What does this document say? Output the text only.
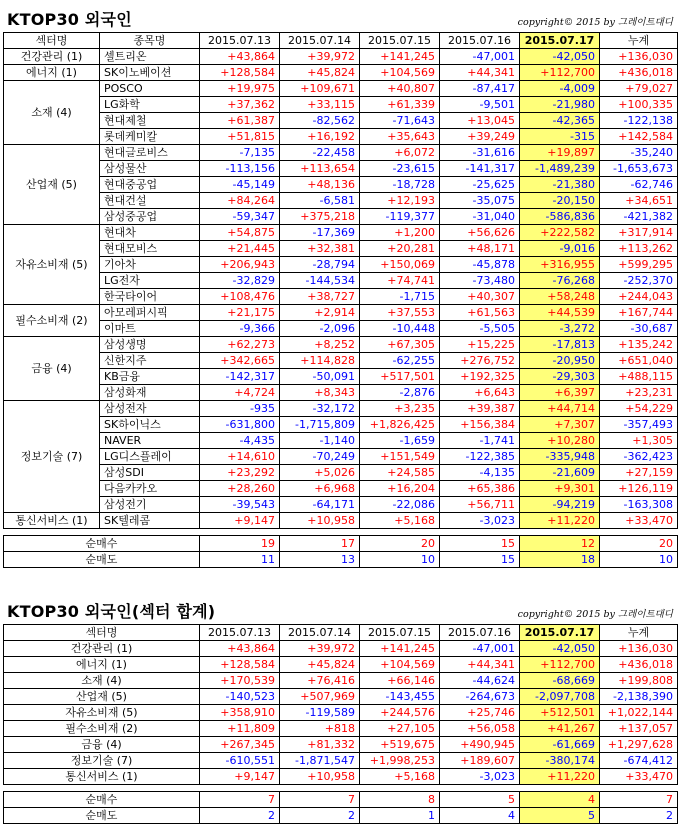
KTOP30 외국인	copyright© 2015 by 그레이트대디
섹터명	종목명	2015.07.13	2015.07.14	2015.07.15	2015.07.16	2015.07.17	누계
건강관리 (1)	셀트리온	+43,864	+39,972	+141,245	-47,001	-42,050	+136,030
에너지 (1)	SK이노베이션	+128,584	+45,824	+104,569	+44,341	+112,700	+436,018
소재 (4)	POSCO	+19,975	+109,671	+40,807	-87,417	-4,009	+79,027
	LG화학	+37,362	+33,115	+61,339	-9,501	-21,980	+100,335
	현대제철	+61,387	-82,562	-71,643	+13,045	-42,365	-122,138
	롯데케미칼	+51,815	+16,192	+35,643	+39,249	-315	+142,584
산업재 (5)	현대글로비스	-7,135	-22,458	+6,072	-31,616	+19,897	-35,240
	삼성물산	-113,156	+113,654	-23,615	-141,317	-1,489,239	-1,653,673
	현대중공업	-45,149	+48,136	-18,728	-25,625	-21,380	-62,746
	현대건설	+84,264	-6,581	+12,193	-35,075	-20,150	+34,651
	삼성중공업	-59,347	+375,218	-119,377	-31,040	-586,836	-421,382
자유소비재 (5)	현대차	+54,875	-17,369	+1,200	+56,626	+222,582	+317,914
	현대모비스	+21,445	+32,381	+20,281	+48,171	-9,016	+113,262
	기아차	+206,943	-28,794	+150,069	-45,878	+316,955	+599,295
	LG전자	-32,829	-144,534	+74,741	-73,480	-76,268	-252,370
	한국타이어	+108,476	+38,727	-1,715	+40,307	+58,248	+244,043
필수소비재 (2)	아모레퍼시픽	+21,175	+2,914	+37,553	+61,563	+44,539	+167,744
	이마트	-9,366	-2,096	-10,448	-5,505	-3,272	-30,687
금융 (4)	삼성생명	+62,273	+8,252	+67,305	+15,225	-17,813	+135,242
	신한지주	+342,665	+114,828	-62,255	+276,752	-20,950	+651,040
	KB금융	-142,317	-50,091	+517,501	+192,325	-29,303	+488,115
	삼성화재	+4,724	+8,343	-2,876	+6,643	+6,397	+23,231
정보기술 (7)	삼성전자	-935	-32,172	+3,235	+39,387	+44,714	+54,229
	SK하이닉스	-631,800	-1,715,809	+1,826,425	+156,384	+7,307	-357,493
	NAVER	-4,435	-1,140	-1,659	-1,741	+10,280	+1,305
	LG디스플레이	+14,610	-70,249	+151,549	-122,385	-335,948	-362,423
	삼성SDI	+23,292	+5,026	+24,585	-4,135	-21,609	+27,159
	다음카카오	+28,260	+6,968	+16,204	+65,386	+9,301	+126,119
	삼성전기	-39,543	-64,171	-22,086	+56,711	-94,219	-163,308
통신서비스 (1)	SK텔레콤	+9,147	+10,958	+5,168	-3,023	+11,220	+33,470
순매수	19	17	20	15	12	20
순매도	11	13	10	15	18	10
KTOP30 외국인(섹터 합계)	copyright© 2015 by 그레이트대디
섹터명	2015.07.13	2015.07.14	2015.07.15	2015.07.16	2015.07.17	누계
건강관리 (1)	+43,864	+39,972	+141,245	-47,001	-42,050	+136,030
에너지 (1)	+128,584	+45,824	+104,569	+44,341	+112,700	+436,018
소재 (4)	+170,539	+76,416	+66,146	-44,624	-68,669	+199,808
산업재 (5)	-140,523	+507,969	-143,455	-264,673	-2,097,708	-2,138,390
자유소비재 (5)	+358,910	-119,589	+244,576	+25,746	+512,501	+1,022,144
필수소비재 (2)	+11,809	+818	+27,105	+56,058	+41,267	+137,057
금융 (4)	+267,345	+81,332	+519,675	+490,945	-61,669	+1,297,628
정보기술 (7)	-610,551	-1,871,547	+1,998,253	+189,607	-380,174	-674,412
통신서비스 (1)	+9,147	+10,958	+5,168	-3,023	+11,220	+33,470
순매수	7	7	8	5	4	7
순매도	2	2	1	4	5	2
